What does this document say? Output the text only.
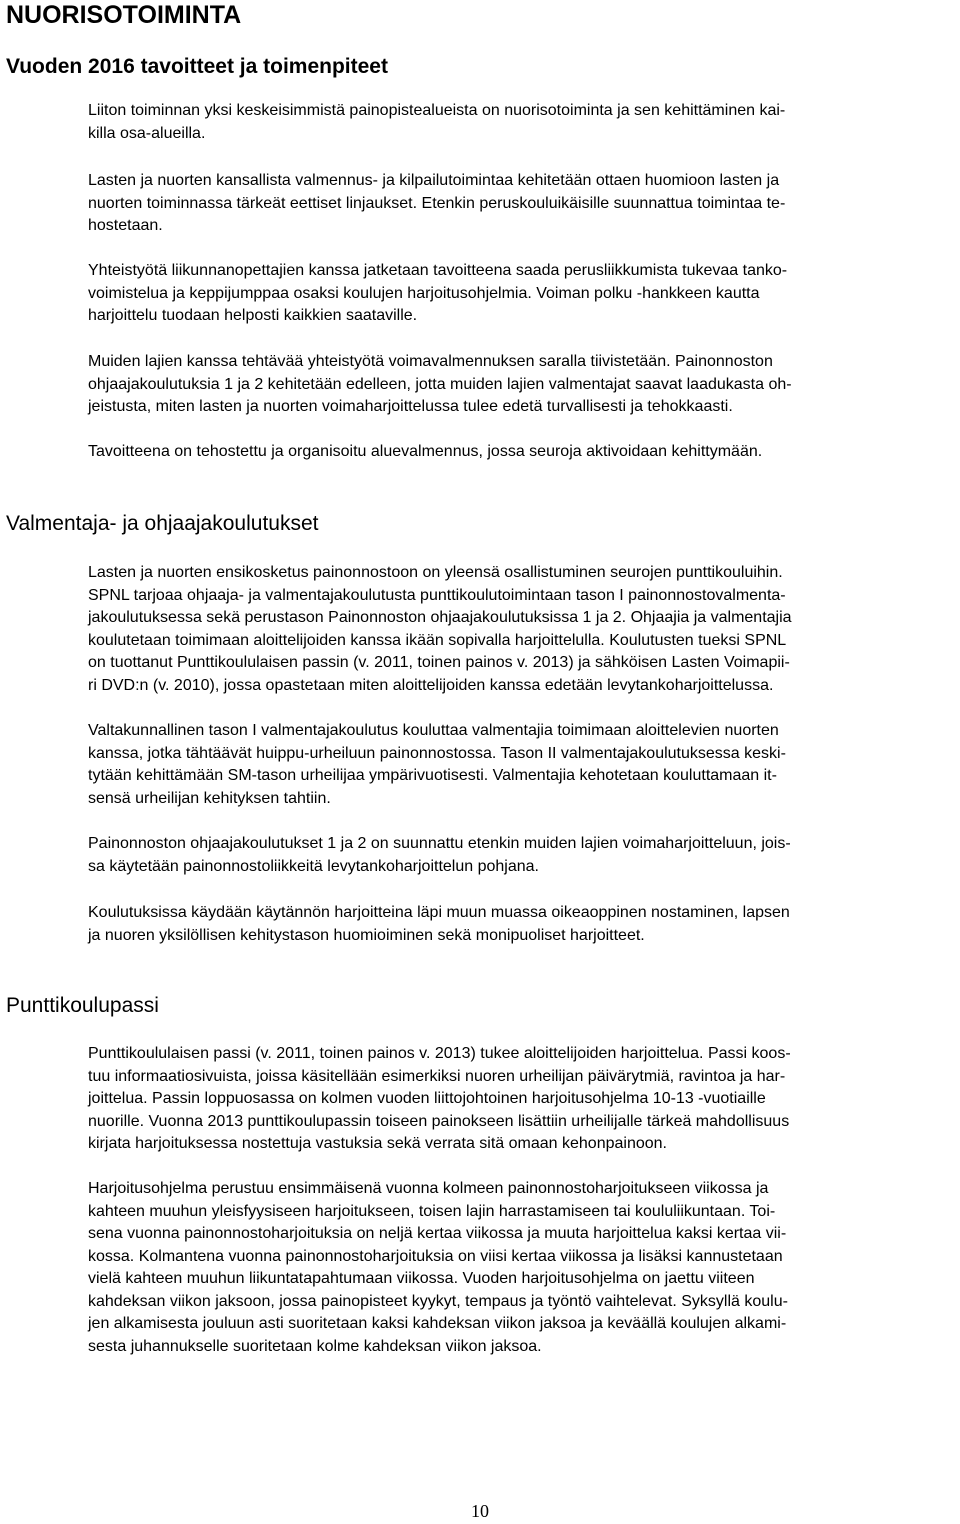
NUORISOTOIMINTA
Vuoden 2016 tavoitteet ja toimenpiteet

Liiton toiminnan yksi keskeisimmistä painopistealueista on nuorisotoiminta ja sen kehittäminen kai-
killa osa-alueilla.

Lasten ja nuorten kansallista valmennus- ja kilpailutoimintaa kehitetään ottaen huomioon lasten ja
nuorten toiminnassa tärkeät eettiset linjaukset. Etenkin peruskouluikäisille suunnattua toimintaa te-
hostetaan.

Yhteistyötä liikunnanopettajien kanssa jatketaan tavoitteena saada perusliikkumista tukevaa tanko-
voimistelua ja keppijumppaa osaksi koulujen harjoitusohjelmia. Voiman polku -hankkeen kautta
harjoittelu tuodaan helposti kaikkien saataville.

Muiden lajien kanssa tehtävää yhteistyötä voimavalmennuksen saralla tiivistetään. Painonnoston
ohjaajakoulutuksia 1 ja 2 kehitetään edelleen, jotta muiden lajien valmentajat saavat laadukasta oh-
jeistusta, miten lasten ja nuorten voimaharjoittelussa tulee edetä turvallisesti ja tehokkaasti.

Tavoitteena on tehostettu ja organisoitu aluevalmennus, jossa seuroja aktivoidaan kehittymään.

Valmentaja- ja ohjaajakoulutukset

Lasten ja nuorten ensikosketus painonnostoon on yleensä osallistuminen seurojen punttikouluihin.
SPNL tarjoaa ohjaaja- ja valmentajakoulutusta punttikoulutoimintaan tason I painonnostovalmenta-
jakoulutuksessa sekä perustason Painonnoston ohjaajakoulutuksissa 1 ja 2. Ohjaajia ja valmentajia
koulutetaan toimimaan aloittelijoiden kanssa ikään sopivalla harjoittelulla. Koulutusten tueksi SPNL
on tuottanut Punttikoululaisen passin (v. 2011, toinen painos v. 2013) ja sähköisen Lasten Voimapii-
ri DVD:n (v. 2010), jossa opastetaan miten aloittelijoiden kanssa edetään levytankoharjoittelussa.

Valtakunnallinen tason I valmentajakoulutus kouluttaa valmentajia toimimaan aloittelevien nuorten
kanssa, jotka tähtäävät huippu-urheiluun painonnostossa. Tason II valmentajakoulutuksessa keski-
tytään kehittämään SM-tason urheilijaa ympärivuotisesti. Valmentajia kehotetaan kouluttamaan it-
sensä urheilijan kehityksen tahtiin.

Painonnoston ohjaajakoulutukset 1 ja 2 on suunnattu etenkin muiden lajien voimaharjoitteluun, jois-
sa käytetään painonnostoliikkeitä levytankoharjoittelun pohjana.

Koulutuksissa käydään käytännön harjoitteina läpi muun muassa oikeaoppinen nostaminen, lapsen
ja nuoren yksilöllisen kehitystason huomioiminen sekä monipuoliset harjoitteet.

Punttikoulupassi

Punttikoululaisen passi (v. 2011, toinen painos v. 2013) tukee aloittelijoiden harjoittelua. Passi koos-
tuu informaatiosivuista, joissa käsitellään esimerkiksi nuoren urheilijan päivärytmiä, ravintoa ja har-
joittelua. Passin loppuosassa on kolmen vuoden liittojohtoinen harjoitusohjelma 10-13 -vuotiaille
nuorille. Vuonna 2013 punttikoulupassin toiseen painokseen lisättiin urheilijalle tärkeä mahdollisuus
kirjata harjoituksessa nostettuja vastuksia sekä verrata sitä omaan kehonpainoon.

Harjoitusohjelma perustuu ensimmäisenä vuonna kolmeen painonnostoharjoitukseen viikossa ja
kahteen muuhun yleisfyysiseen harjoitukseen, toisen lajin harrastamiseen tai koululiikuntaan. Toi-
sena vuonna painonnostoharjoituksia on neljä kertaa viikossa ja muuta harjoittelua kaksi kertaa vii-
kossa. Kolmantena vuonna painonnostoharjoituksia on viisi kertaa viikossa ja lisäksi kannustetaan
vielä kahteen muuhun liikuntatapahtumaan viikossa. Vuoden harjoitusohjelma on jaettu viiteen
kahdeksan viikon jaksoon, jossa painopisteet kyykyt, tempaus ja työntö vaihtelevat. Syksyllä koulu-
jen alkamisesta jouluun asti suoritetaan kaksi kahdeksan viikon jaksoa ja keväällä koulujen alkami-
sesta juhannukselle suoritetaan kolme kahdeksan viikon jaksoa.

10
